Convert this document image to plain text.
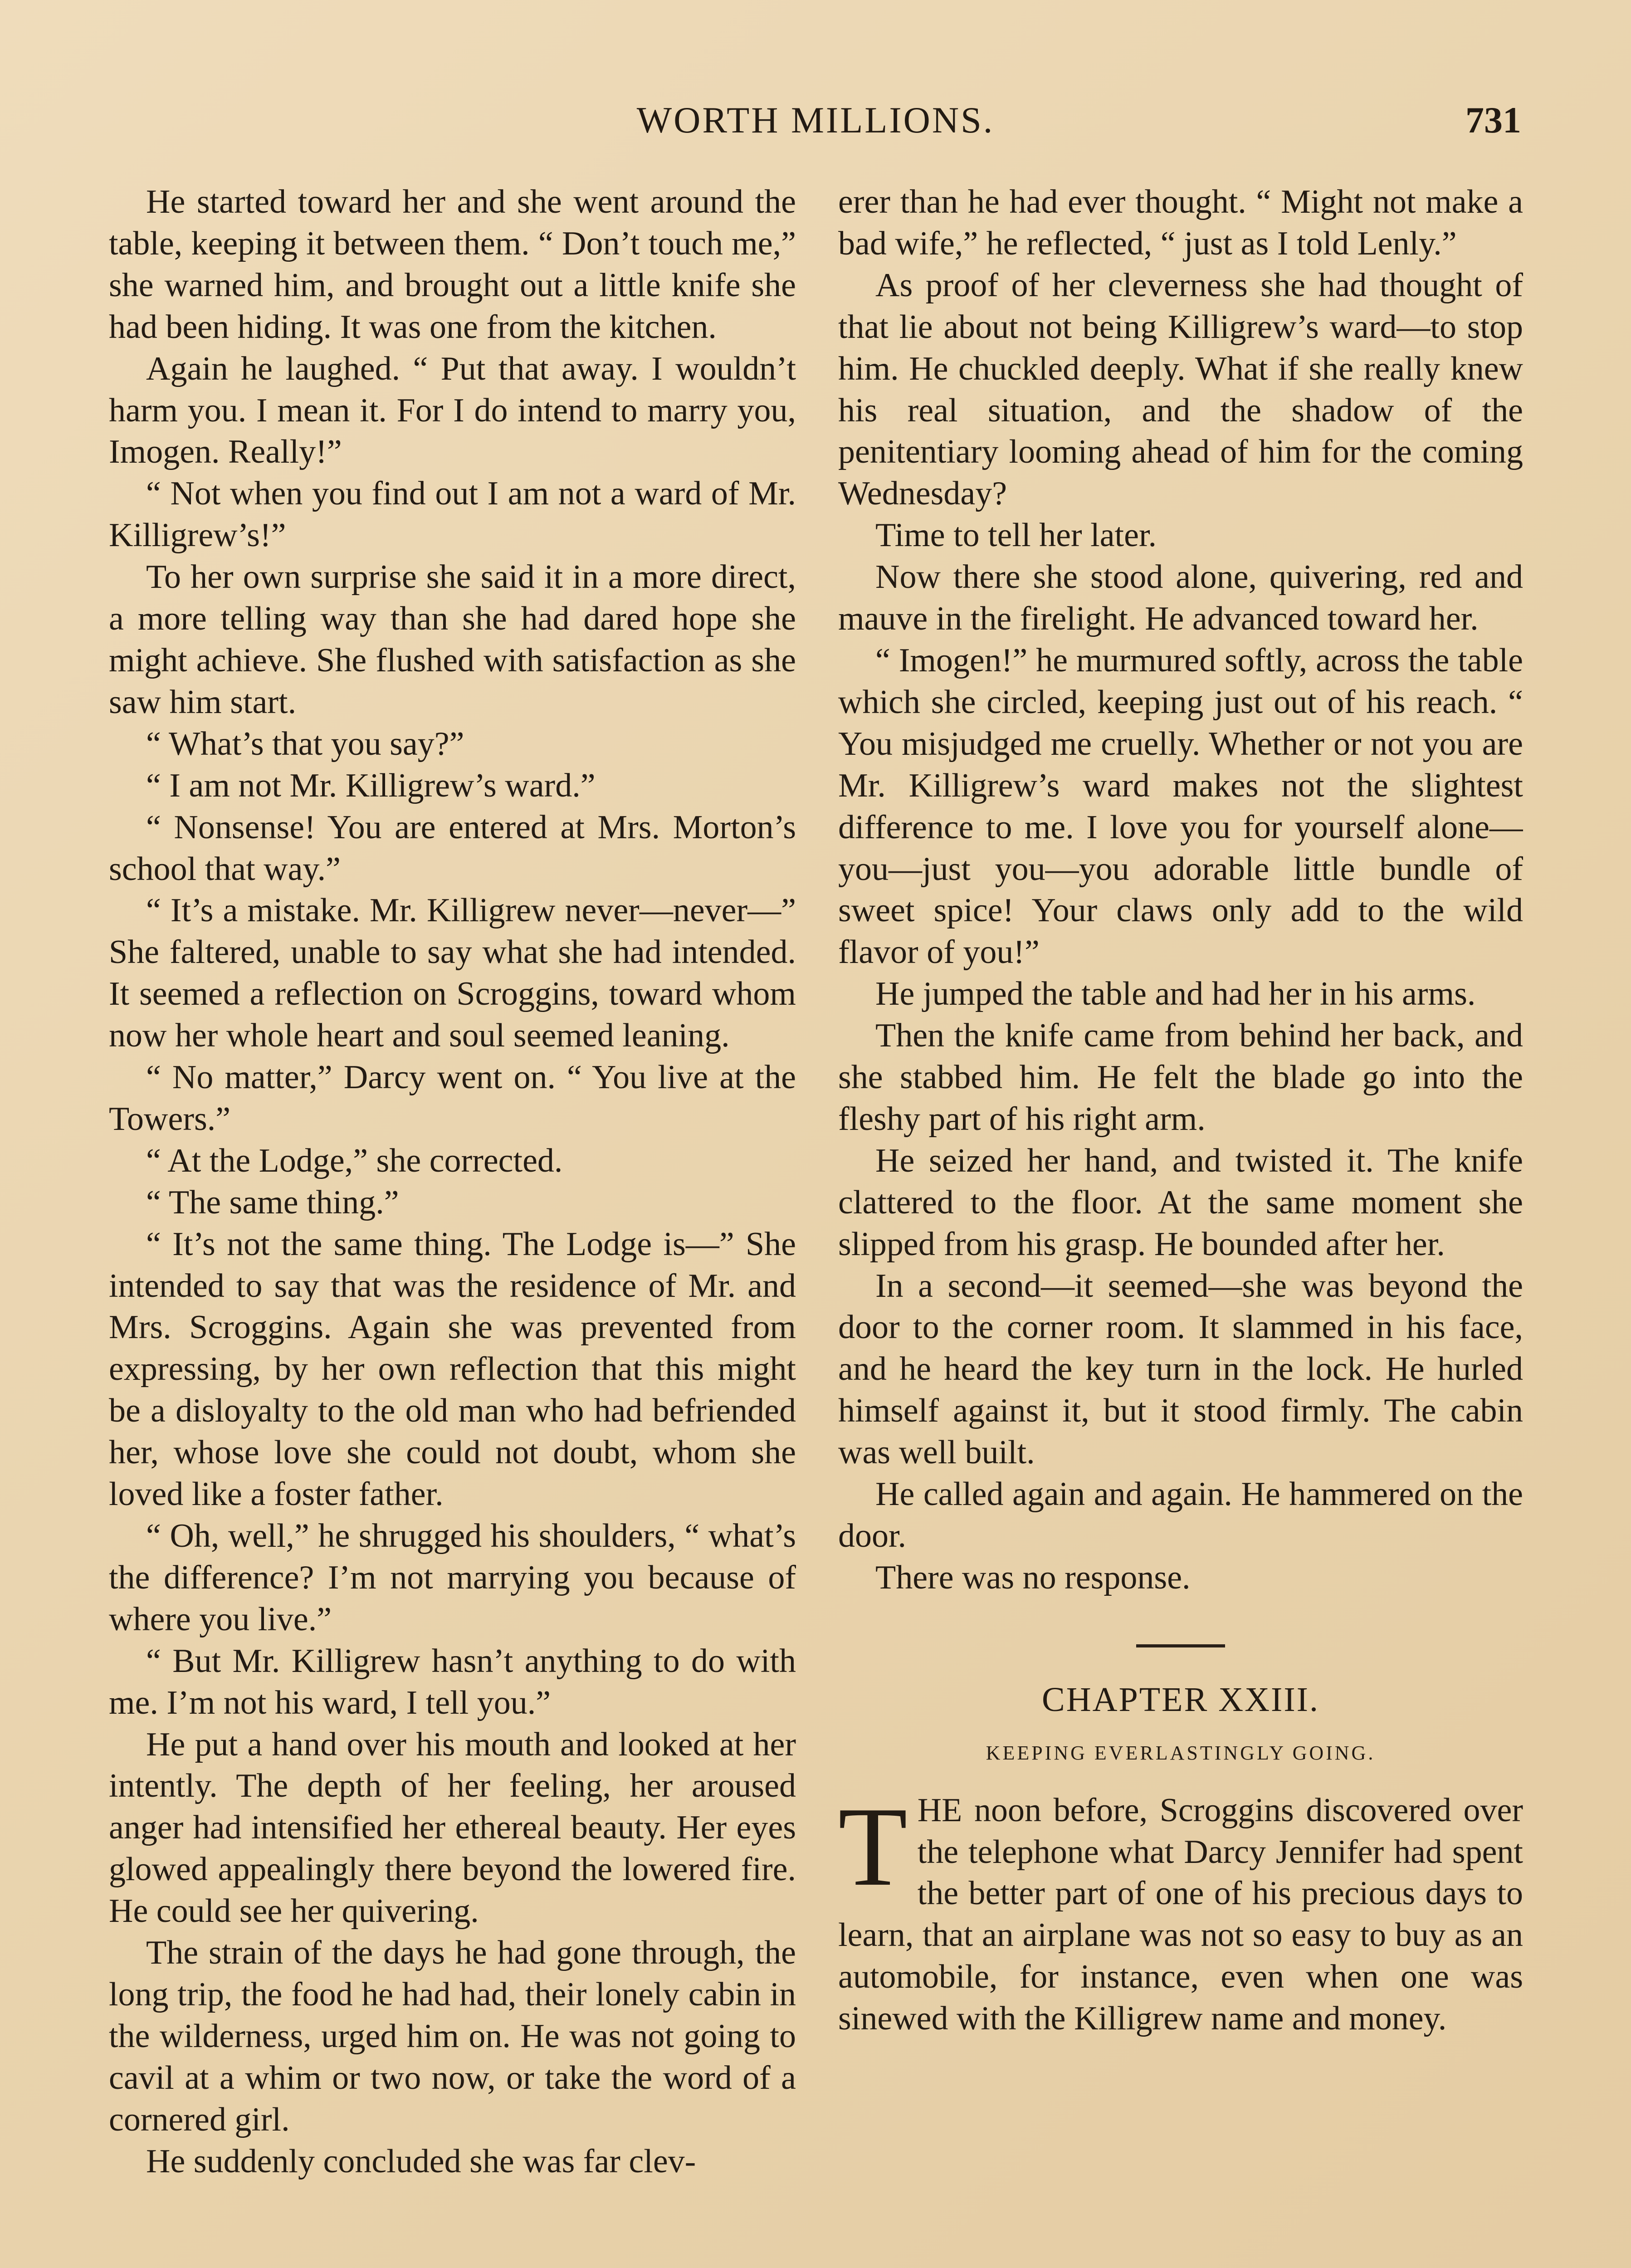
WORTH MILLIONS.	731

He started toward her and she went around the table, keeping it between them. “ Don’t touch me,” she warned him, and brought out a little knife she had been hiding. It was one from the kitchen.

Again he laughed. “ Put that away. I wouldn’t harm you. I mean it. For I do intend to marry you, Imogen. Really!”

“ Not when you find out I am not a ward of Mr. Killigrew’s!”

To her own surprise she said it in a more direct, a more telling way than she had dared hope she might achieve. She flushed with satisfaction as she saw him start.

“ What’s that you say?”

“ I am not Mr. Killigrew’s ward.”

“ Nonsense! You are entered at Mrs. Morton’s school that way.”

“ It’s a mistake. Mr. Killigrew never—never—” She faltered, unable to say what she had intended. It seemed a reflection on Scroggins, toward whom now her whole heart and soul seemed leaning.

“ No matter,” Darcy went on. “ You live at the Towers.”

“ At the Lodge,” she corrected.

“ The same thing.”

“ It’s not the same thing. The Lodge is—” She intended to say that was the residence of Mr. and Mrs. Scroggins. Again she was prevented from expressing, by her own reflection that this might be a disloyalty to the old man who had befriended her, whose love she could not doubt, whom she loved like a foster father.

“ Oh, well,” he shrugged his shoulders, “ what’s the difference? I’m not marrying you because of where you live.”

“ But Mr. Killigrew hasn’t anything to do with me. I’m not his ward, I tell you.”

He put a hand over his mouth and looked at her intently. The depth of her feeling, her aroused anger had intensified her ethereal beauty. Her eyes glowed appealingly there beyond the lowered fire. He could see her quivering.

The strain of the days he had gone through, the long trip, the food he had had, their lonely cabin in the wilderness, urged him on. He was not going to cavil at a whim or two now, or take the word of a cornered girl.

He suddenly concluded she was far clev-

erer than he had ever thought. “ Might not make a bad wife,” he reflected, “ just as I told Lenly.”

As proof of her cleverness she had thought of that lie about not being Killigrew’s ward—to stop him. He chuckled deeply. What if she really knew his real situation, and the shadow of the penitentiary looming ahead of him for the coming Wednesday?

Time to tell her later.

Now there she stood alone, quivering, red and mauve in the firelight. He advanced toward her.

“ Imogen!” he murmured softly, across the table which she circled, keeping just out of his reach. “ You misjudged me cruelly. Whether or not you are Mr. Killigrew’s ward makes not the slightest difference to me. I love you for yourself alone—you—just you—you adorable little bundle of sweet spice! Your claws only add to the wild flavor of you!”

He jumped the table and had her in his arms.

Then the knife came from behind her back, and she stabbed him. He felt the blade go into the fleshy part of his right arm.

He seized her hand, and twisted it. The knife clattered to the floor. At the same moment she slipped from his grasp. He bounded after her.

In a second—it seemed—she was beyond the door to the corner room. It slammed in his face, and he heard the key turn in the lock. He hurled himself against it, but it stood firmly. The cabin was well built.

He called again and again. He hammered on the door.

There was no response.

CHAPTER XXIII.

KEEPING EVERLASTINGLY GOING.

THE noon before, Scroggins discovered over the telephone what Darcy Jennifer had spent the better part of one of his precious days to learn, that an airplane was not so easy to buy as an automobile, for instance, even when one was sinewed with the Killigrew name and money.
